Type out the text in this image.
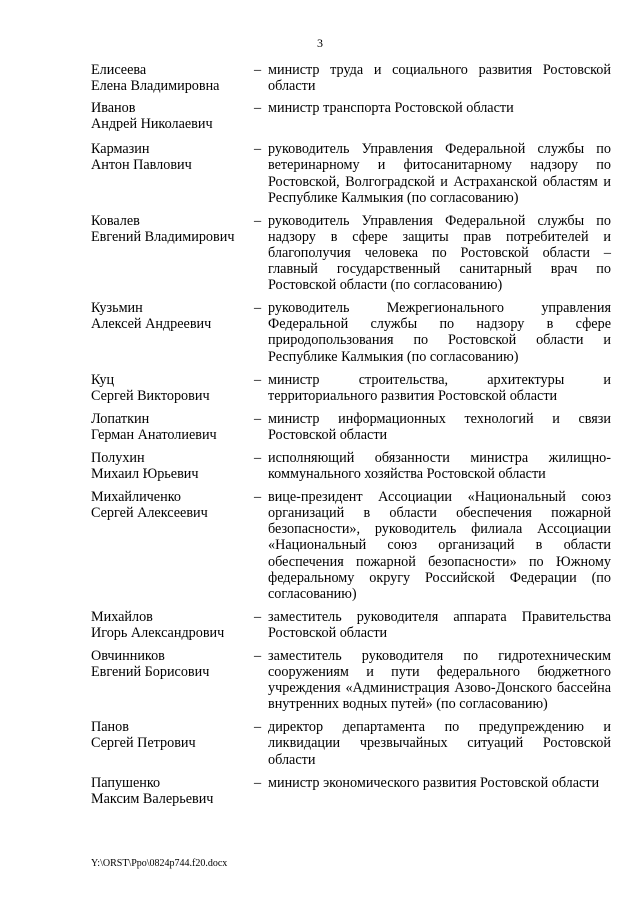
3
Елисеева
Елена Владимировна
– министр труда и социального развития Ростовской области
Иванов
Андрей Николаевич
– министр транспорта Ростовской области
Кармазин
Антон Павлович
– руководитель Управления Федеральной службы по ветеринарному и фитосанитарному надзору по Ростовской, Волгоградской и Астраханской областям и Республике Калмыкия (по согласованию)
Ковалев
Евгений Владимирович
– руководитель Управления Федеральной службы по надзору в сфере защиты прав потребителей и благополучия человека по Ростовской области – главный государственный санитарный врач по Ростовской области (по согласованию)
Кузьмин
Алексей Андреевич
– руководитель Межрегионального управления Федеральной службы по надзору в сфере природопользования по Ростовской области и Республике Калмыкия (по согласованию)
Куц
Сергей Викторович
– министр строительства, архитектуры и территориального развития Ростовской области
Лопаткин
Герман Анатолиевич
– министр информационных технологий и связи Ростовской области
Полухин
Михаил Юрьевич
– исполняющий обязанности министра жилищно-коммунального хозяйства Ростовской области
Михайличенко
Сергей Алексеевич
– вице-президент Ассоциации «Национальный союз организаций в области обеспечения пожарной безопасности», руководитель филиала Ассоциации «Национальный союз организаций в области обеспечения пожарной безопасности» по Южному федеральному округу Российской Федерации (по согласованию)
Михайлов
Игорь Александрович
– заместитель руководителя аппарата Правительства Ростовской области
Овчинников
Евгений Борисович
– заместитель руководителя по гидротехническим сооружениям и пути федерального бюджетного учреждения «Администрация Азово-Донского бассейна внутренних водных путей» (по согласованию)
Панов
Сергей Петрович
– директор департамента по предупреждению и ликвидации чрезвычайных ситуаций Ростовской области
Папушенко
Максим Валерьевич
– министр экономического развития Ростовской области
Y:\ORST\Ppo\0824p744.f20.docx
